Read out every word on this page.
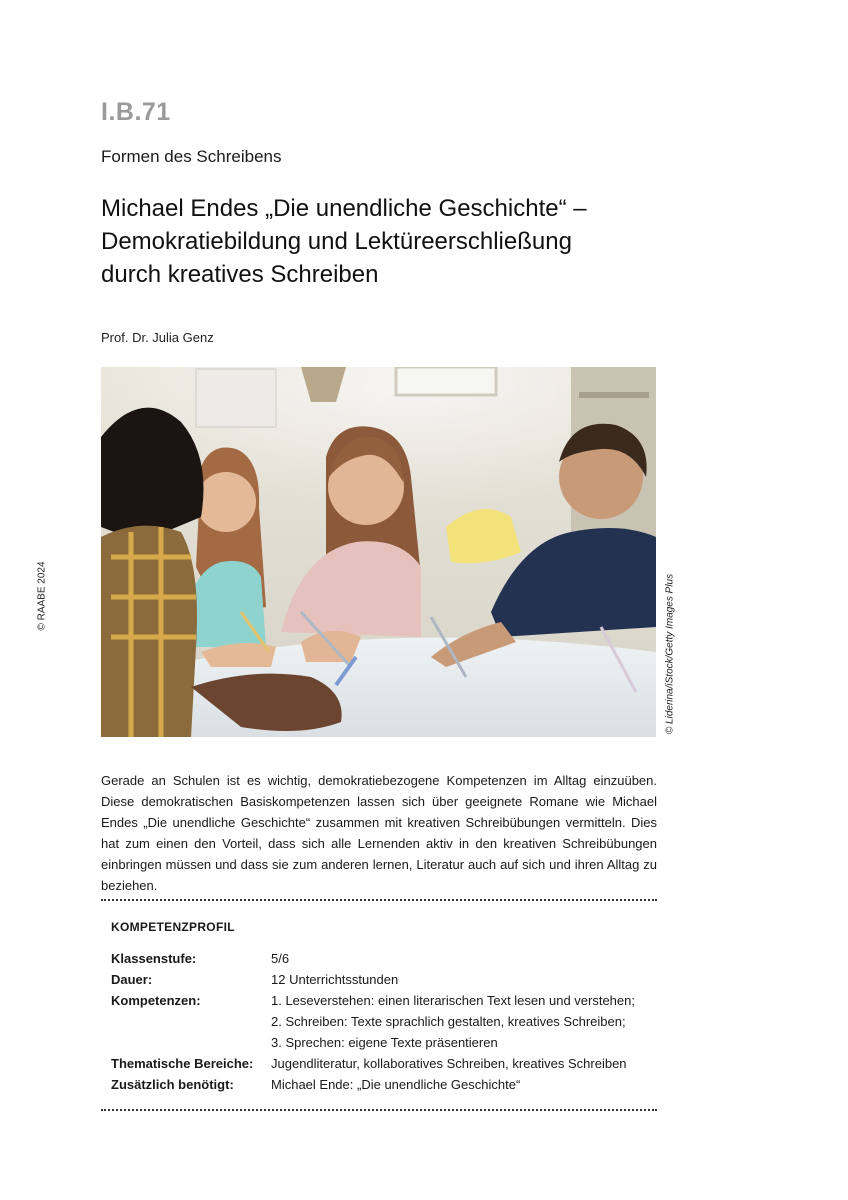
I.B.71
Formen des Schreibens
Michael Endes „Die unendliche Geschichte“ –
Demokratiebildung und Lektüreerschließung
durch kreatives Schreiben
Prof. Dr. Julia Genz
© RAABE 2024	© Liderina/iStock/Getty Images Plus

Gerade an Schulen ist es wichtig, demokratiebezogene Kompetenzen im Alltag einzuüben. Diese demokratischen Basiskompetenzen lassen sich über geeignete Romane wie Michael Endes „Die unendliche Geschichte“ zusammen mit kreativen Schreibübungen vermitteln. Dies hat zum einen den Vorteil, dass sich alle Lernenden aktiv in den kreativen Schreibübungen einbringen müssen und dass sie zum anderen lernen, Literatur auch auf sich und ihren Alltag zu beziehen.

KOMPETENZPROFIL
Klassenstufe:	5/6
Dauer:	12 Unterrichtsstunden
Kompetenzen:	1. Leseverstehen: einen literarischen Text lesen und verstehen;
2. Schreiben: Texte sprachlich gestalten, kreatives Schreiben;
3. Sprechen: eigene Texte präsentieren
Thematische Bereiche: Jugendliteratur, kollaboratives Schreiben, kreatives Schreiben
Zusätzlich benötigt:	Michael Ende: „Die unendliche Geschichte“
